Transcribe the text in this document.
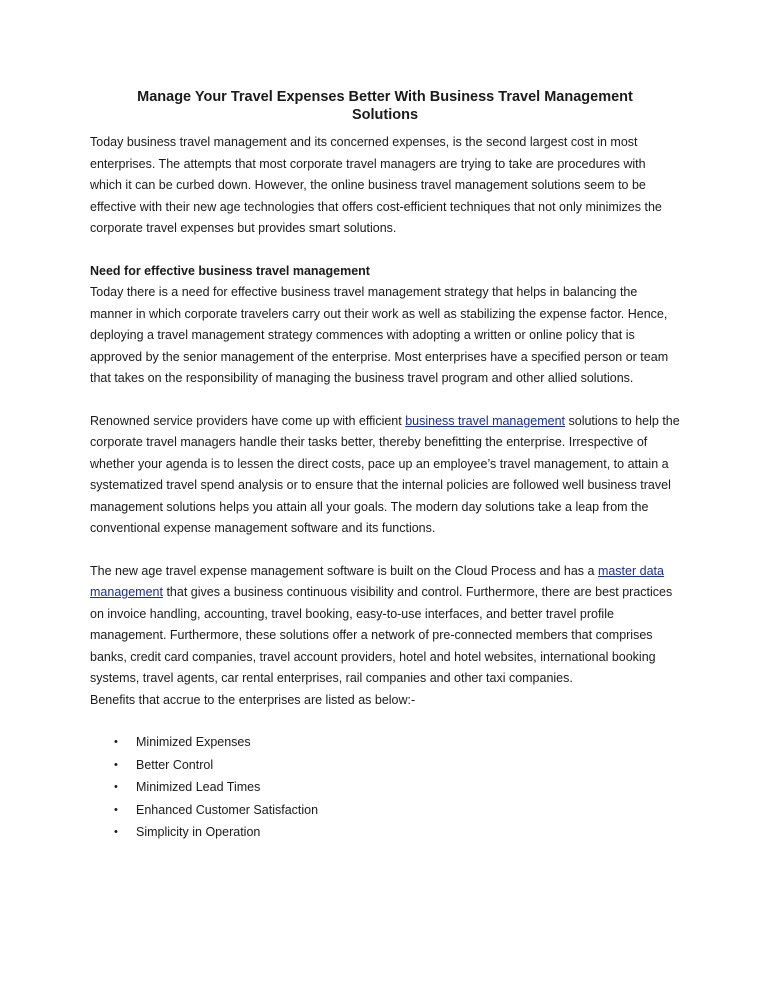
Manage Your Travel Expenses Better With Business Travel Management Solutions

Today business travel management and its concerned expenses, is the second largest cost in most enterprises. The attempts that most corporate travel managers are trying to take are procedures with which it can be curbed down. However, the online business travel management solutions seem to be effective with their new age technologies that offers cost-efficient techniques that not only minimizes the corporate travel expenses but provides smart solutions.

Need for effective business travel management

Today there is a need for effective business travel management strategy that helps in balancing the manner in which corporate travelers carry out their work as well as stabilizing the expense factor. Hence, deploying a travel management strategy commences with adopting a written or online policy that is approved by the senior management of the enterprise. Most enterprises have a specified person or team that takes on the responsibility of managing the business travel program and other allied solutions.

Renowned service providers have come up with efficient business travel management solutions to help the corporate travel managers handle their tasks better, thereby benefitting the enterprise. Irrespective of whether your agenda is to lessen the direct costs, pace up an employee’s travel management, to attain a systematized travel spend analysis or to ensure that the internal policies are followed well business travel management solutions helps you attain all your goals. The modern day solutions take a leap from the conventional expense management software and its functions.

The new age travel expense management software is built on the Cloud Process and has a master data management that gives a business continuous visibility and control. Furthermore, there are best practices on invoice handling, accounting, travel booking, easy-to-use interfaces, and better travel profile management. Furthermore, these solutions offer a network of pre-connected members that comprises banks, credit card companies, travel account providers, hotel and hotel websites, international booking systems, travel agents, car rental enterprises, rail companies and other taxi companies.

Benefits that accrue to the enterprises are listed as below:-

• Minimized Expenses
• Better Control
• Minimized Lead Times
• Enhanced Customer Satisfaction
• Simplicity in Operation
